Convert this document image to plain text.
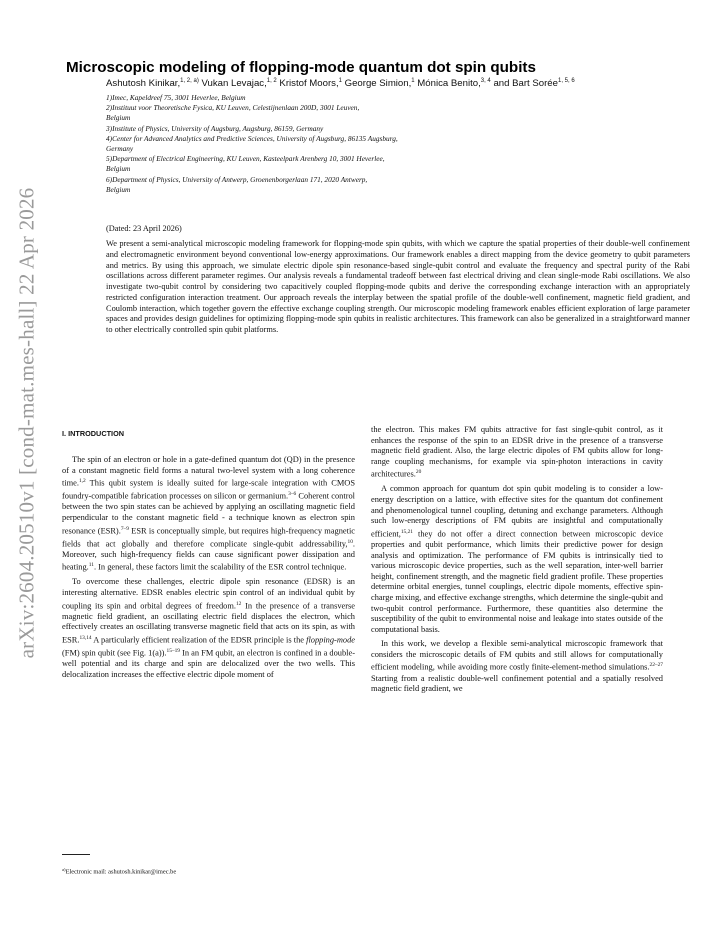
arXiv:2604.20510v1 [cond-mat.mes-hall] 22 Apr 2026
Microscopic modeling of flopping-mode quantum dot spin qubits
Ashutosh Kinikar,$^{1, 2, a)}$ Vukan Levajac,$^{1, 2}$ Kristof Moors,$^1$ George Simion,$^1$ Mónica Benito,$^{3, 4}$ and Bart Sorée$^{1, 5, 6}$
1)Imec, Kapeldreef 75, 3001 Heverlee, Belgium
2)Instituut voor Theoretische Fysica, KU Leuven, Celestijnenlaan 200D, 3001 Leuven,
Belgium
3)Institute of Physics, University of Augsburg, Augsburg, 86159, Germany
4)Center for Advanced Analytics and Predictive Sciences, University of Augsburg, 86135 Augsburg,
Germany
5)Department of Electrical Engineering, KU Leuven, Kasteelpark Arenberg 10, 3001 Heverlee,
Belgium
6)Department of Physics, University of Antwerp, Groenenborgerlaan 171, 2020 Antwerp,
Belgium
(Dated: 23 April 2026)
We present a semi-analytical microscopic modeling framework for flopping-mode spin qubits, with which we capture the spatial properties of their double-well confinement and electromagnetic environment beyond conventional low-energy approximations. Our framework enables a direct mapping from the device geometry to qubit parameters and metrics. By using this approach, we simulate electric dipole spin resonance-based single-qubit control and evaluate the frequency and spectral purity of the Rabi oscillations across different parameter regimes. Our analysis reveals a fundamental tradeoff between fast electrical driving and clean single-mode Rabi oscillations. We also investigate two-qubit control by considering two capacitively coupled flopping-mode qubits and derive the corresponding exchange interaction with an appropriately restricted configuration interaction treatment. Our approach reveals the interplay between the spatial profile of the double-well confinement, magnetic field gradient, and Coulomb interaction, which together govern the effective exchange coupling strength. Our microscopic modeling framework enables efficient exploration of large parameter spaces and provides design guidelines for optimizing flopping-mode spin qubits in realistic architectures. This framework can also be generalized in a straightforward manner to other electrically controlled spin qubit platforms.
I. INTRODUCTION

The spin of an electron or hole in a gate-defined quantum dot (QD) in the presence of a constant magnetic field forms a natural two-level system with a long coherence time.$^{1,2}$ This qubit system is ideally suited for large-scale integration with CMOS foundry-compatible fabrication processes on silicon or germanium.$^{3-6}$ Coherent control between the two spin states can be achieved by applying an oscillating magnetic field perpendicular to the constant magnetic field - a technique known as electron spin resonance (ESR).$^{7-9}$ ESR is conceptually simple, but requires high-frequency magnetic fields that act globally and therefore complicate single-qubit addressability,$^{10}$. Moreover, such high-frequency fields can cause significant power dissipation and heating.$^{11}$. In general, these factors limit the scalability of the ESR control technique.

To overcome these challenges, electric dipole spin resonance (EDSR) is an interesting alternative. EDSR enables electric spin control of an individual qubit by coupling its spin and orbital degrees of freedom.$^{12}$ In the presence of a transverse magnetic field gradient, an oscillating electric field displaces the electron, which effectively creates an oscillating transverse magnetic field that acts on its spin, as with ESR.$^{13,14}$ A particularly efficient realization of the EDSR principle is the flopping-mode (FM) spin qubit (see Fig. 1(a)).$^{15-19}$ In an FM qubit, an electron is confined in a double-well potential and its charge and spin are delocalized over the two wells. This delocalization increases the effective electric dipole moment of

the electron. This makes FM qubits attractive for fast single-qubit control, as it enhances the response of the spin to an EDSR drive in the presence of a transverse magnetic field gradient. Also, the large electric dipoles of FM qubits allow for long-range coupling mechanisms, for example via spin-photon interactions in cavity architectures.$^{20}$

A common approach for quantum dot spin qubit modeling is to consider a low-energy description on a lattice, with effective sites for the quantum dot confinement and phenomenological tunnel coupling, detuning and exchange parameters. Although such low-energy descriptions of FM qubits are insightful and computationally efficient,$^{15,21}$ they do not offer a direct connection between microscopic device properties and qubit performance, which limits their predictive power for design analysis and optimization. The performance of FM qubits is intrinsically tied to various microscopic device properties, such as the well separation, inter-well barrier height, confinement strength, and the magnetic field gradient profile. These properties determine orbital energies, tunnel couplings, electric dipole moments, effective spin-charge mixing, and effective exchange strengths, which determine the single-qubit and two-qubit control performance. Furthermore, these quantities also determine the susceptibility of the qubit to environmental noise and leakage into states outside of the computational basis.

In this work, we develop a flexible semi-analytical microscopic framework that considers the microscopic details of FM qubits and still allows for computationally efficient modeling, while avoiding more costly finite-element-method simulations.$^{22-27}$ Starting from a realistic double-well confinement potential and a spatially resolved magnetic field gradient, we

$^{a)}$Electronic mail: ashutosh.kinikar@imec.be
